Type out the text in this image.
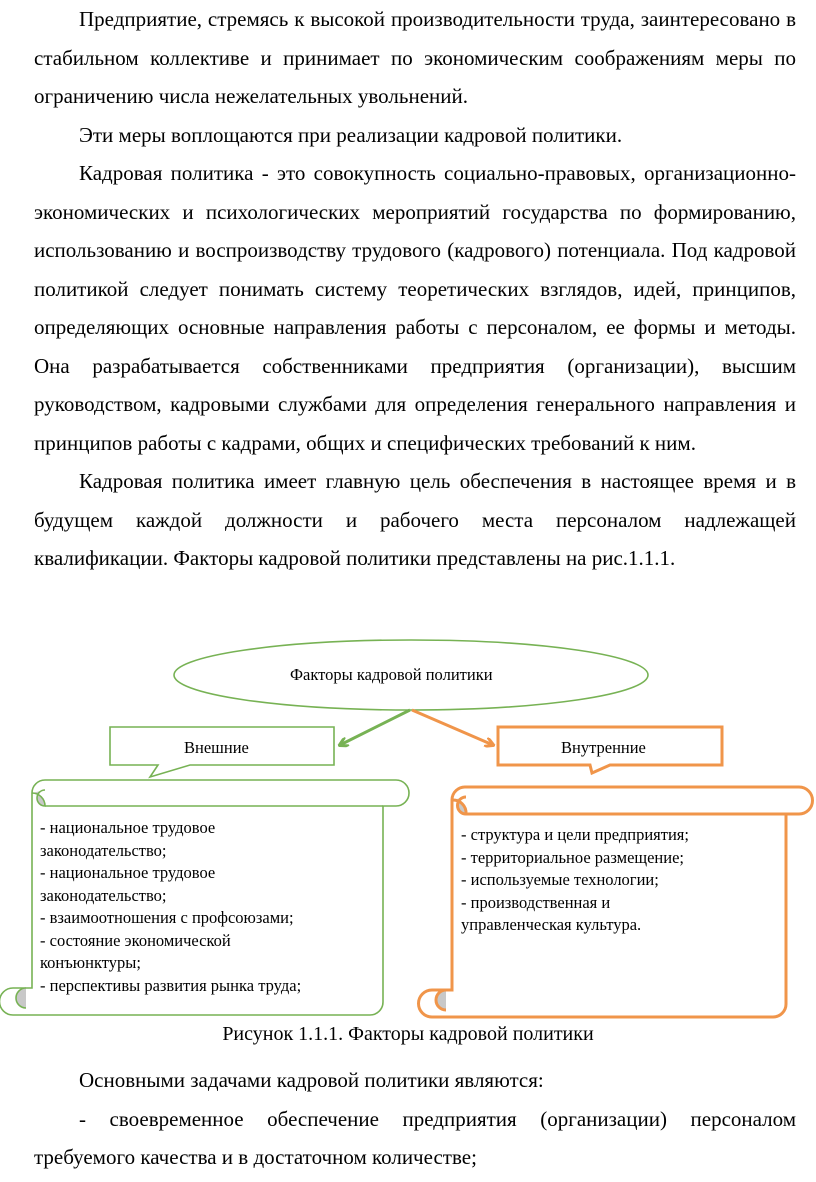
Предприятие, стремясь к высокой производительности труда, заинтересовано в стабильном коллективе и принимает по экономическим соображениям меры по ограничению числа нежелательных увольнений.

Эти меры воплощаются при реализации кадровой политики.

Кадровая политика - это совокупность социально-правовых, организационно-экономических и психологических мероприятий государства по формированию, использованию и воспроизводству трудового (кадрового) потенциала. Под кадровой политикой следует понимать систему теоретических взглядов, идей, принципов, определяющих основные направления работы с персоналом, ее формы и методы. Она разрабатывается собственниками предприятия (организации), высшим руководством, кадровыми службами для определения генерального направления и принципов работы с кадрами, общих и специфических требований к ним.

Кадровая политика имеет главную цель обеспечения в настоящее время и в будущем каждой должности и рабочего места персоналом надлежащей квалификации. Факторы кадровой политики представлены на рис.1.1.1.

Факторы кадровой политики
Внешние	Внутренние
- национальное трудовое
законодательство;
- национальное трудовое
законодательство;
- взаимоотношения с профсоюзами;
- состояние экономической
конъюнктуры;
- перспективы развития рынка труда;
- структура и цели предприятия;
- территориальное размещение;
- используемые технологии;
- производственная и
управленческая культура.
Рисунок 1.1.1. Факторы кадровой политики

Основными задачами кадровой политики являются:

- своевременное обеспечение предприятия (организации) персоналом требуемого качества и в достаточном количестве;
